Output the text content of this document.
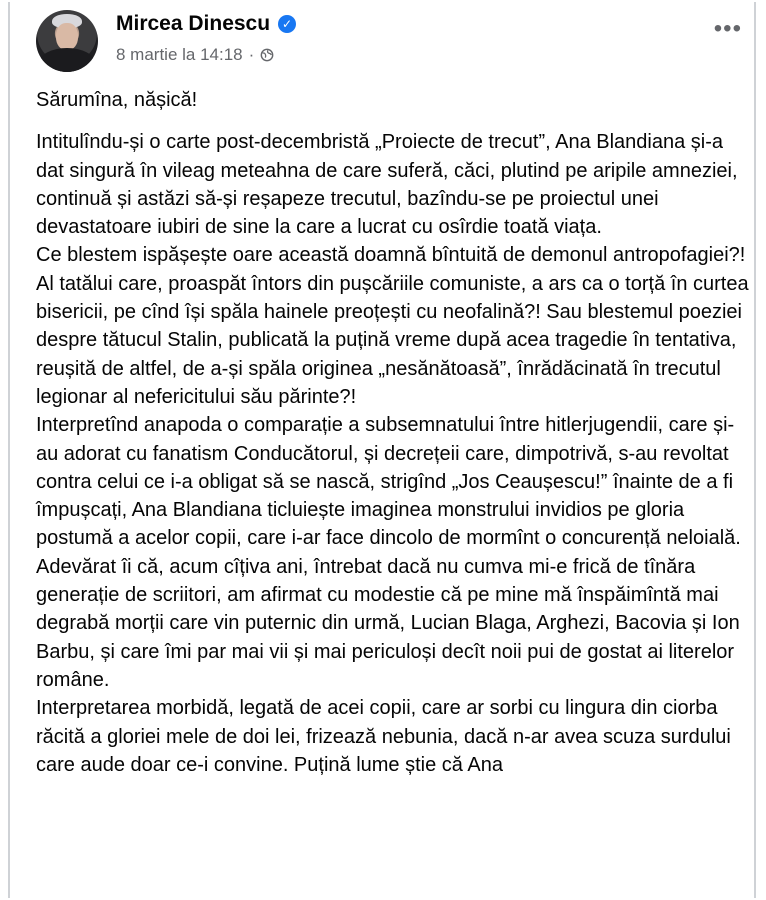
Mircea Dinescu ✓
8 martie la 14:18 ·
•••

Sărumîna, nășică!

Intitulîndu-și o carte post-decembristă „Proiecte de trecut”, Ana Blandiana și-a dat singură în vileag meteahna de care suferă, căci, plutind pe aripile amneziei, continuă și astăzi să-și reșapeze trecutul, bazîndu-se pe proiectul unei devastatoare iubiri de sine la care a lucrat cu osîrdie toată viața.

Ce blestem ispășește oare această doamnă bîntuită de demonul antropofagiei?! Al tatălui care, proaspăt întors din pușcăriile comuniste, a ars ca o torță în curtea bisericii, pe cînd își spăla hainele preoțești cu neofalină?! Sau blestemul poeziei despre tătucul Stalin, publicată la puțină vreme după acea tragedie în tentativa, reușită de altfel, de a-și spăla originea „nesănătoasă”, înrădăcinată în trecutul legionar al nefericitului său părinte?!

Interpretînd anapoda o comparație a subsemnatului între hitlerjugendii, care și-au adorat cu fanatism Conducătorul, și decrețeii care, dimpotrivă, s-au revoltat contra celui ce i-a obligat să se nască, strigînd „Jos Ceaușescu!” înainte de a fi împușcați, Ana Blandiana ticluiește imaginea monstrului invidios pe gloria postumă a acelor copii, care i-ar face dincolo de mormînt o concurență neloială.

Adevărat îi că, acum cîțiva ani, întrebat dacă nu cumva mi-e frică de tînăra generație de scriitori, am afirmat cu modestie că pe mine mă înspăimîntă mai degrabă morții care vin puternic din urmă, Lucian Blaga, Arghezi, Bacovia și Ion Barbu, și care îmi par mai vii și mai periculoși decît noii pui de gostat ai literelor române.

Interpretarea morbidă, legată de acei copii, care ar sorbi cu lingura din ciorba răcită a gloriei mele de doi lei, frizează nebunia, dacă n-ar avea scuza surdului care aude doar ce-i convine. Puțină lume știe că Ana
